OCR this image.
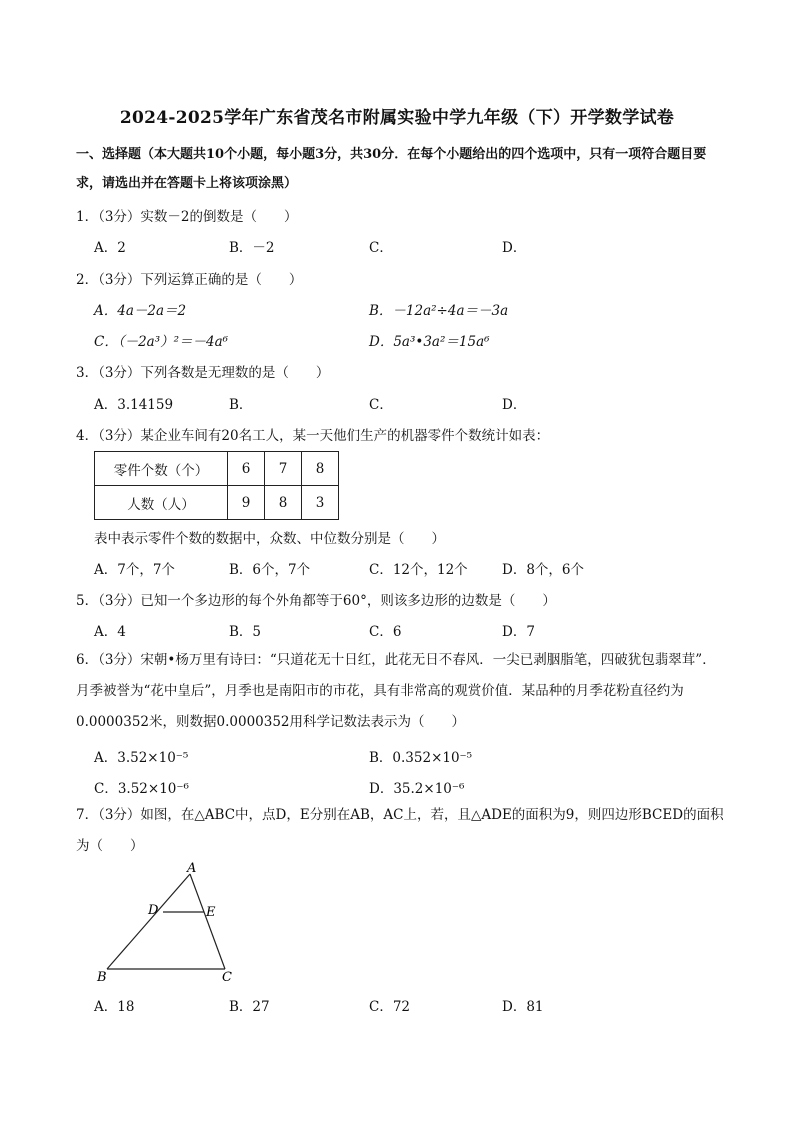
2024-2025学年广东省茂名市附属实验中学九年级（下）开学数学试卷
一、选择题（本大题共10个小题，每小题3分，共30分．在每个小题给出的四个选项中，只有一项符合题目要求，请选出并在答题卡上将该项涂黑）
1．（3分）实数－2的倒数是（　　）
A．2	B．－2	C．	D．
2．（3分）下列运算正确的是（　　）
A．4a－2a＝2	B．－12a²÷4a＝－3a
C．（－2a³）²＝－4a⁶	D．5a³•3a²＝15a⁶
3．（3分）下列各数是无理数的是（　　）
A．3.14159	B．	C．	D．
4．（3分）某企业车间有20名工人，某一天他们生产的机器零件个数统计如表：
零件个数（个）	6	7	8
人数（人）	9	8	3
表中表示零件个数的数据中，众数、中位数分别是（　　）
A．7个，7个	B．6个，7个	C．12个，12个	D．8个，6个
5．（3分）已知一个多边形的每个外角都等于60°，则该多边形的边数是（　　）
A．4	B．5	C．6	D．7
6．（3分）宋朝•杨万里有诗曰：“只道花无十日红，此花无日不春风．一尖已剥胭脂笔，四破犹包翡翠茸”．月季被誉为“花中皇后”，月季也是南阳市的市花，具有非常高的观赏价值．某品种的月季花粉直径约为0.0000352米，则数据0.0000352用科学记数法表示为（　　）
A．3.52×10⁻⁵	B．0.352×10⁻⁵
C．3.52×10⁻⁶	D．35.2×10⁻⁶
7．（3分）如图，在△ABC中，点D，E分别在AB，AC上，若，且△ADE的面积为9，则四边形BCED的面积为（　　）
A
D	E
B	C
A．18	B．27	C．72	D．81
